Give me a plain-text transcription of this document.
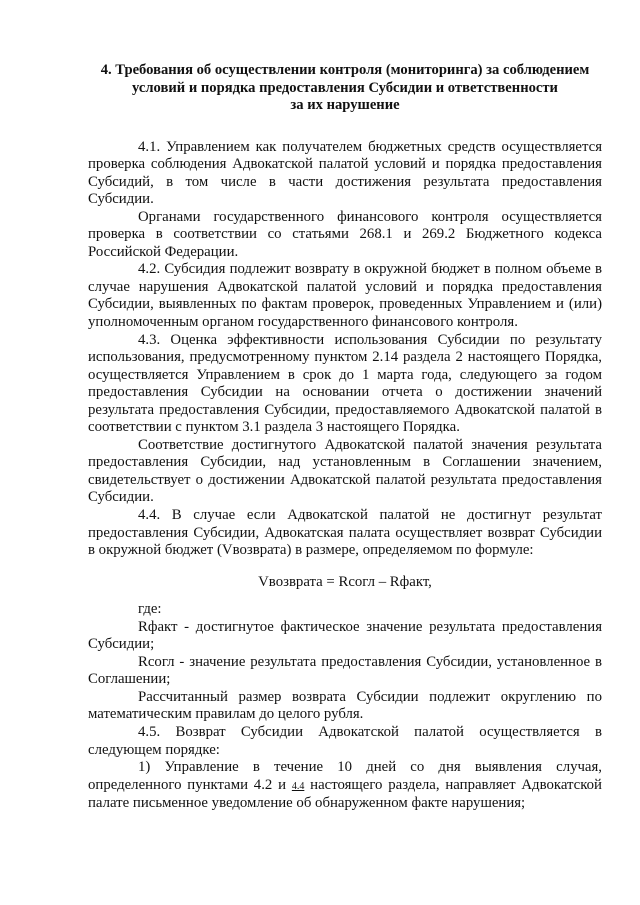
4. Требования об осуществлении контроля (мониторинга) за соблюдением
условий и порядка предоставления Субсидии и ответственности
за их нарушение

4.1. Управлением как получателем бюджетных средств осуществляется проверка соблюдения Адвокатской палатой условий и порядка предоставления Субсидий, в том числе в части достижения результата предоставления Субсидии.

Органами государственного финансового контроля осуществляется проверка в соответствии со статьями 268.1 и 269.2 Бюджетного кодекса Российской Федерации.

4.2. Субсидия подлежит возврату в окружной бюджет в полном объеме в случае нарушения Адвокатской палатой условий и порядка предоставления Субсидии, выявленных по фактам проверок, проведенных Управлением и (или) уполномоченным органом государственного финансового контроля.

4.3. Оценка эффективности использования Субсидии по результату использования, предусмотренному пунктом 2.14 раздела 2 настоящего Порядка, осуществляется Управлением в срок до 1 марта года, следующего за годом предоставления Субсидии на основании отчета о достижении значений результата предоставления Субсидии, предоставляемого Адвокатской палатой в соответствии с пунктом 3.1 раздела 3 настоящего Порядка.

Соответствие достигнутого Адвокатской палатой значения результата предоставления Субсидии, над установленным в Соглашении значением, свидетельствует о достижении Адвокатской палатой результата предоставления Субсидии.

4.4. В случае если Адвокатской палатой не достигнут результат предоставления Субсидии, Адвокатская палата осуществляет возврат Субсидии в окружной бюджет (Vвозврата) в размере, определяемом по формуле:

Vвозврата = Rсогл – Rфакт,

где:

Rфакт - достигнутое фактическое значение результата предоставления Субсидии;

Rсогл - значение результата предоставления Субсидии, установленное в Соглашении;

Рассчитанный размер возврата Субсидии подлежит округлению по математическим правилам до целого рубля.

4.5. Возврат Субсидии Адвокатской палатой осуществляется в следующем порядке:

1) Управление в течение 10 дней со дня выявления случая, определенного пунктами 4.2 и 4.4 настоящего раздела, направляет Адвокатской палате письменное уведомление об обнаруженном факте нарушения;
